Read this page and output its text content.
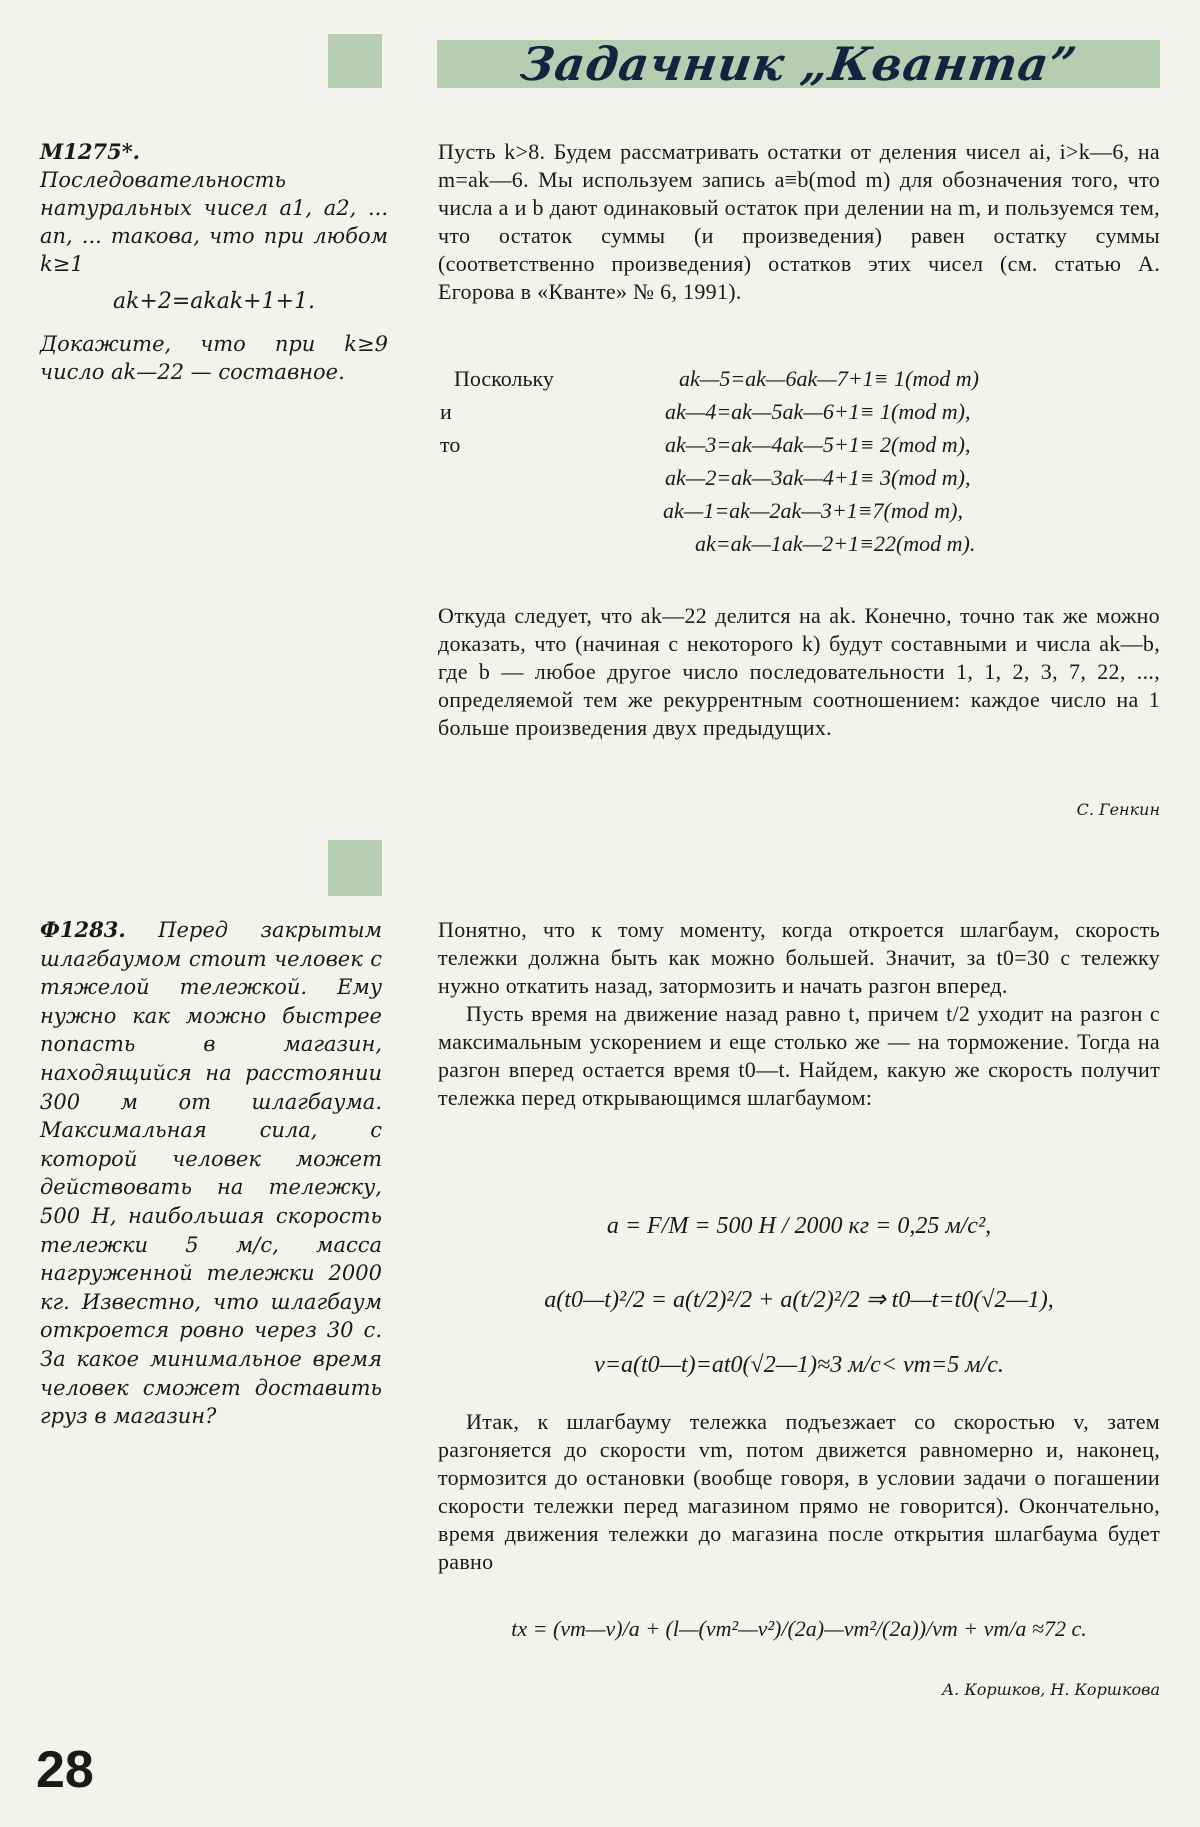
Задачник „Кванта”
М1275*. Последовательность натуральных чисел a1, a2, ... an, ... такова, что при любом k≥1
ak+2=akak+1+1.
Докажите, что при k≥9 число ak—22 — составное.

Пусть k>8. Будем рассматривать остатки от деления чисел ai, i>k—6, на m=ak—6. Мы используем запись a≡b(mod m) для обозначения того, что числа a и b дают одинаковый остаток при делении на m, и пользуемся тем, что остаток суммы (и произведения) равен остатку суммы (соответственно произведения) остатков этих чисел (см. статью А. Егорова в «Кванте» № 6, 1991).

Поскольку	ak—5=ak—6ak—7+1≡ 1(mod m)
и	ak—4=ak—5ak—6+1≡ 1(mod m),
то	ak—3=ak—4ak—5+1≡ 2(mod m),
ak—2=ak—3ak—4+1≡ 3(mod m),
ak—1=ak—2ak—3+1≡7(mod m),
ak=ak—1ak—2+1≡22(mod m).

Откуда следует, что ak—22 делится на ak. Конечно, точно так же можно доказать, что (начиная с некоторого k) будут составными и числа ak—b, где b — любое другое число последовательности 1, 1, 2, 3, 7, 22, ..., определяемой тем же рекуррентным соотношением: каждое число на 1 больше произведения двух предыдущих.

С. Генкин
Ф1283. Перед закрытым шлагбаумом стоит человек с тяжелой тележкой. Ему нужно как можно быстрее попасть в магазин, находящийся на расстоянии 300 м от шлагбаума. Максимальная сила, с которой человек может действовать на тележку, 500 Н, наибольшая скорость тележки 5 м/с, масса нагруженной тележки 2000 кг. Известно, что шлагбаум откроется ровно через 30 с. За какое минимальное время человек сможет доставить груз в магазин?

Понятно, что к тому моменту, когда откроется шлагбаум, скорость тележки должна быть как можно большей. Значит, за t0=30 с тележку нужно откатить назад, затормозить и начать разгон вперед.

Пусть время на движение назад равно t, причем t/2 уходит на разгон с максимальным ускорением и еще столько же — на торможение. Тогда на разгон вперед остается время t0—t. Найдем, какую же скорость получит тележка перед открывающимся шлагбаумом:

a = F/M = 500 Н / 2000 кг = 0,25 м/с²,
a(t0—t)²/2 = a(t/2)²/2 + a(t/2)²/2 ⇒ t0—t=t0(√2—1),
v=a(t0—t)=at0(√2—1)≈3 м/с< vm=5 м/с.

Итак, к шлагбауму тележка подъезжает со скоростью v, затем разгоняется до скорости vm, потом движется равномерно и, наконец, тормозится до остановки (вообще говоря, в условии задачи о погашении скорости тележки перед магазином прямо не говорится). Окончательно, время движения тележки до магазина после открытия шлагбаума будет равно

tx = (vm—v)/a + (l—(vm²—v²)/(2a)—vm²/(2a))/vm + vm/a ≈72 с.
А. Коршков, Н. Коршкова
28
